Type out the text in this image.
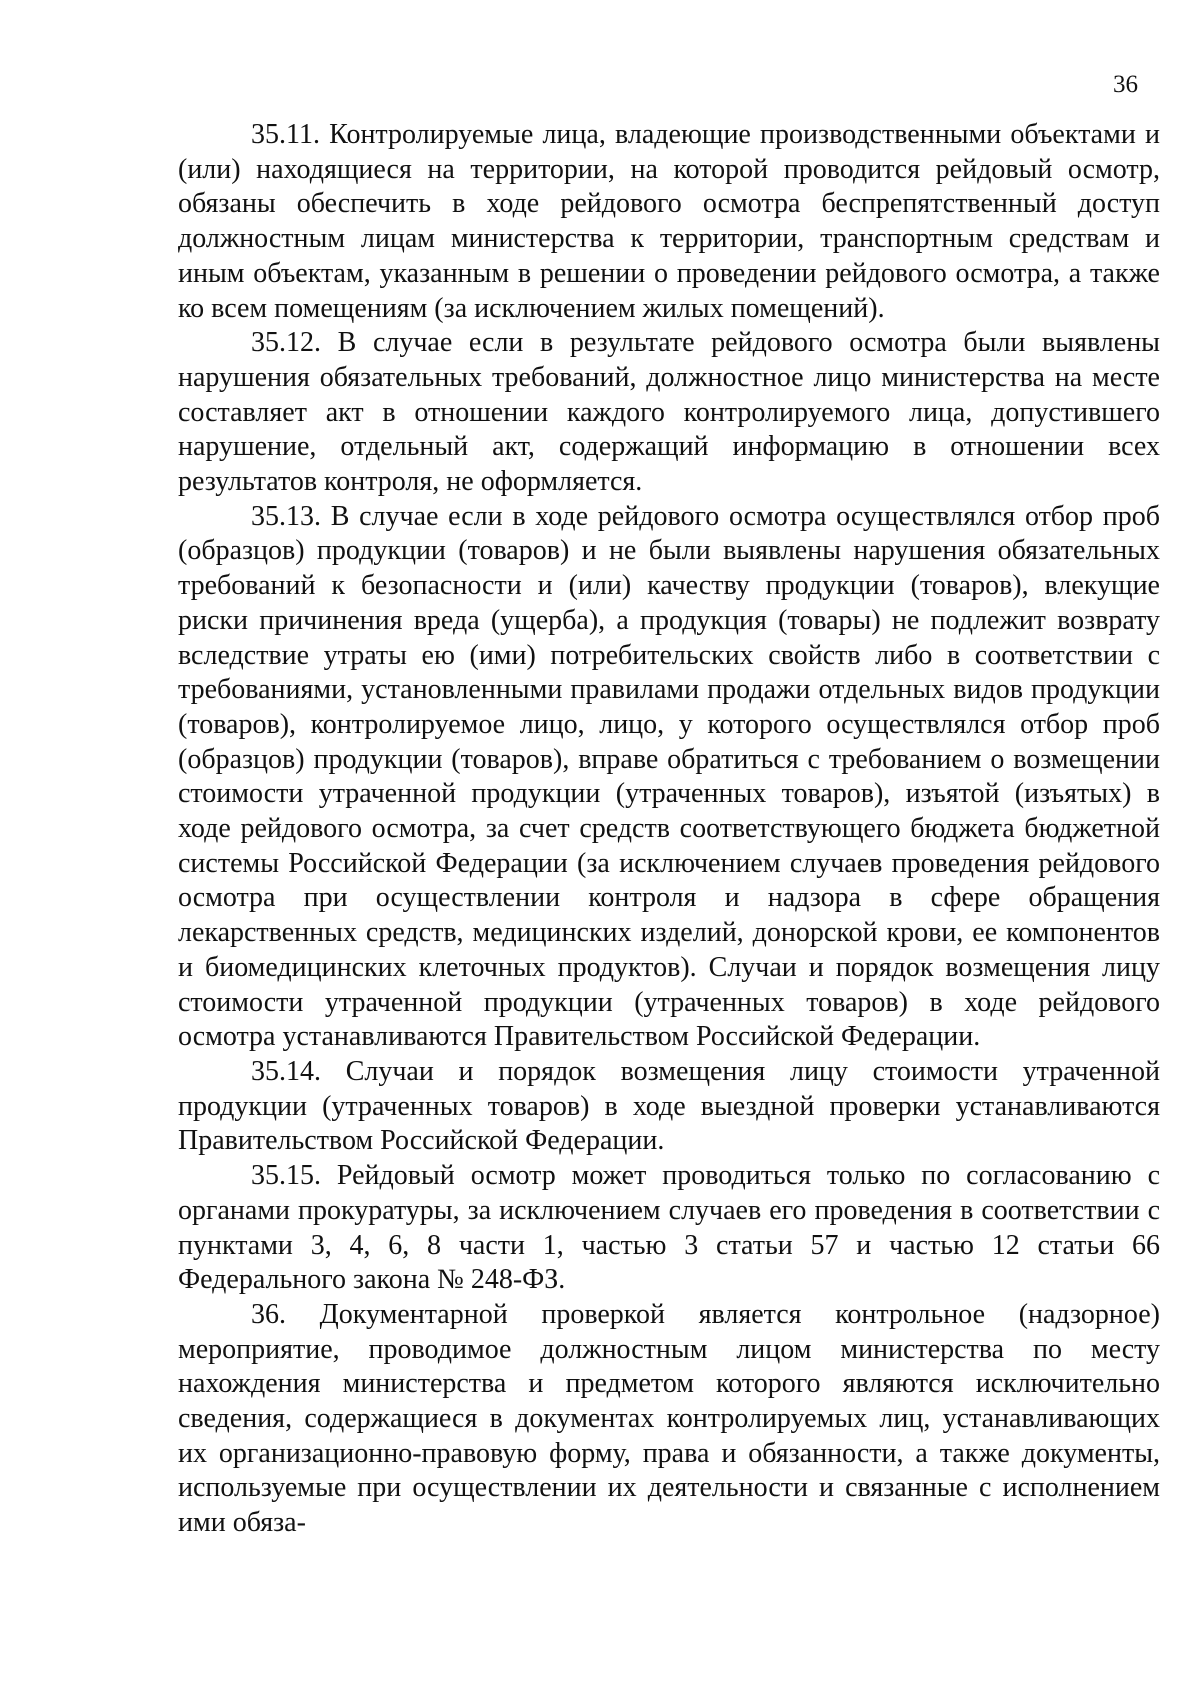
36

35.11. Контролируемые лица, владеющие производственными объектами и (или) находящиеся на территории, на которой проводится рейдовый осмотр, обязаны обеспечить в ходе рейдового осмотра беспрепятственный доступ должностным лицам министерства к территории, транспортным средствам и иным объектам, указанным в решении о проведении рейдового осмотра, а также ко всем помещениям (за исключением жилых помещений).

35.12. В случае если в результате рейдового осмотра были выявлены нарушения обязательных требований, должностное лицо министерства на месте составляет акт в отношении каждого контролируемого лица, допустившего нарушение, отдельный акт, содержащий информацию в отношении всех результатов контроля, не оформляется.

35.13. В случае если в ходе рейдового осмотра осуществлялся отбор проб (образцов) продукции (товаров) и не были выявлены нарушения обязательных требований к безопасности и (или) качеству продукции (товаров), влекущие риски причинения вреда (ущерба), а продукция (товары) не подлежит возврату вследствие утраты ею (ими) потребительских свойств либо в соответствии с требованиями, установленными правилами продажи отдельных видов продукции (товаров), контролируемое лицо, лицо, у которого осуществлялся отбор проб (образцов) продукции (товаров), вправе обратиться с требованием о возмещении стоимости утраченной продукции (утраченных товаров), изъятой (изъятых) в ходе рейдового осмотра, за счет средств соответствующего бюджета бюджетной системы Российской Федерации (за исключением случаев проведения рейдового осмотра при осуществлении контроля и надзора в сфере обращения лекарственных средств, медицинских изделий, донорской крови, ее компонентов и биомедицинских клеточных продуктов). Случаи и порядок возмещения лицу стоимости утраченной продукции (утраченных товаров) в ходе рейдового осмотра устанавливаются Правительством Российской Федерации.

35.14. Случаи и порядок возмещения лицу стоимости утраченной продукции (утраченных товаров) в ходе выездной проверки устанавливаются Правительством Российской Федерации.

35.15. Рейдовый осмотр может проводиться только по согласованию с органами прокуратуры, за исключением случаев его проведения в соответствии с пунктами 3, 4, 6, 8 части 1, частью 3 статьи 57 и частью 12 статьи 66 Федерального закона № 248-ФЗ.

36. Документарной проверкой является контрольное (надзорное) мероприятие, проводимое должностным лицом министерства по месту нахождения министерства и предметом которого являются исключительно сведения, содержащиеся в документах контролируемых лиц, устанавливающих их организационно-правовую форму, права и обязанности, а также документы, используемые при осуществлении их деятельности и связанные с исполнением ими обяза-
